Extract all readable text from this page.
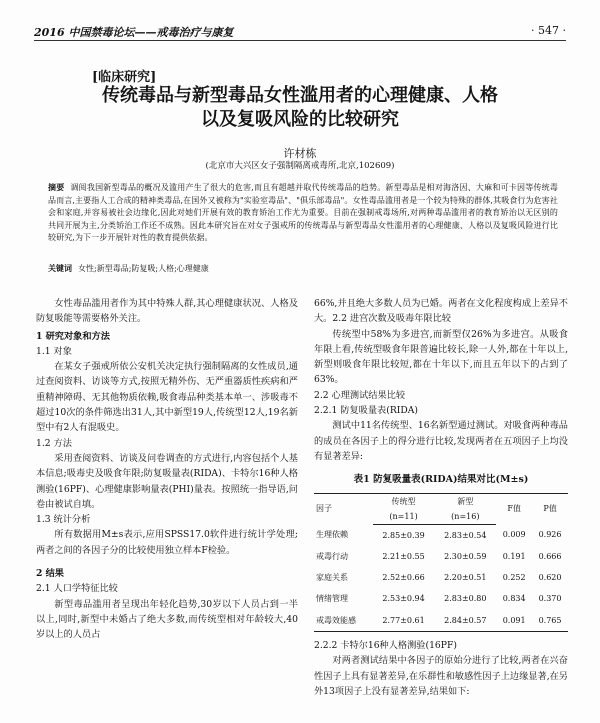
2016 中国禁毒论坛——戒毒治疗与康复	· 547 ·
[临床研究]
传统毒品与新型毒品女性滥用者的心理健康、人格
以及复吸风险的比较研究
许材栋
(北京市大兴区女子强制隔离戒毒所,北京,102609)
摘要 调阅我国新型毒品的概况及滥用产生了很大的危害,而且有超越并取代传统毒品的趋势。新型毒品是相对海洛因、大麻和可卡因等传统毒品而言,主要指人工合成的精神类毒品,在国外又被称为"实验室毒品"、"俱乐部毒品"。女性毒品滥用者是一个较为特殊的群体,其吸食行为危害社会和家庭,并容易被社会边缘化,因此对她们开展有效的教育矫治工作尤为重要。目前在强制戒毒场所,对两种毒品滥用者的教育矫治以无区别的共同开展为主,分类矫治工作还不成熟。因此本研究旨在对女子强戒所的传统毒品与新型毒品女性滥用者的心理健康、人格以及复吸风险进行比较研究,为下一步开展针对性的教育提供依据。
关键词 女性;新型毒品;防复吸;人格;心理健康

女性毒品滥用者作为其中特殊人群,其心理健康状况、人格及防复吸能等需要格外关注。

1 研究对象和方法

1.1 对象

在某女子强戒所依公安机关决定执行强制隔离的女性成员,通过查阅资料、访谈等方式,按照无精外伤、无严重器质性疾病和严重精神障碍、无其他物质依赖,吸食毒品种类基本单一、涉吸毒不超过10次的条件筛选出31人,其中新型19人,传统型12人,19名新型中有2人有混吸史。

1.2 方法

采用查阅资料、访谈及问卷调查的方式进行,内容包括个人基本信息;吸毒史及吸食年限;防复吸量表(RIDA)、卡特尔16种人格测验(16PF)、心理健康影响量表(PHI)量表。按照统一指导语,问卷由被试自填。

1.3 统计分析

所有数据用M±s表示,应用SPSS17.0软件进行统计学处理;两者之间的各因子分的比较使用独立样本F检验。

2 结果

2.1 人口学特征比较

新型毒品滥用者呈现出年轻化趋势,30岁以下人员占到一半以上,同时,新型中未婚占了绝大多数,而传统型相对年龄较大,40岁以上的人员占

66%,并且绝大多数人员为已婚。两者在文化程度构成上差异不大。2.2 进宫次数及吸毒年限比较

传统型中58%为多进宫,而新型仅26%为多进宫。从吸食年限上看,传统型吸食年限普遍比较长,除一人外,都在十年以上,新型则吸食年限比较短,都在十年以下,而且五年以下的占到了63%。

2.2 心理测试结果比较

2.2.1 防复吸量表(RIDA)

测试中11名传统型、16名新型通过测试。对吸食两种毒品的成员在各因子上的得分进行比较,发现两者在五项因子上均没有显著差异:

表1 防复吸量表(RIDA)结果对比(M±s)
因子	传统型	新型	F值	P值
	(n=11)	(n=16)		
生理依赖	2.85±0.39	2.83±0.54	0.009	0.926
戒毒行动	2.21±0.55	2.30±0.59	0.191	0.666
家庭关系	2.52±0.66	2.20±0.51	0.252	0.620
情绪管理	2.53±0.94	2.83±0.80	0.834	0.370
戒毒效能感	2.77±0.61	2.84±0.57	0.091	0.765

2.2.2 卡特尔16种人格测验(16PF)

对两者测试结果中各因子的原始分进行了比较,两者在兴奋性因子上具有显著差异,在乐群性和敏感性因子上边缘显著,在另外13项因子上没有显著差异,结果如下:
